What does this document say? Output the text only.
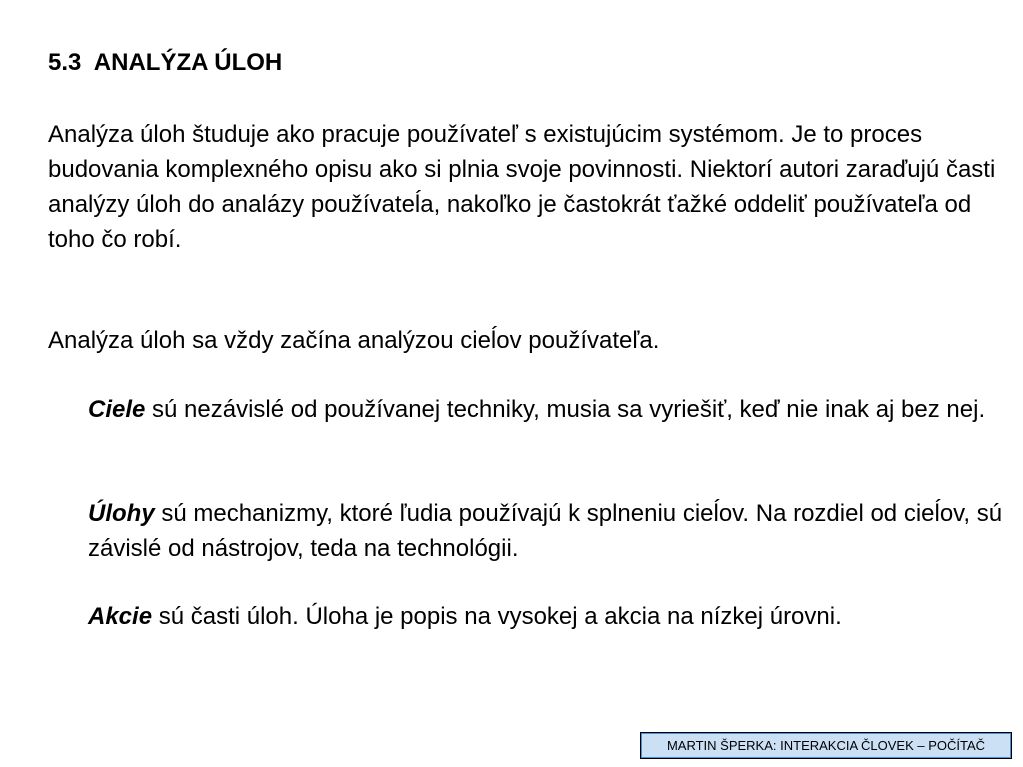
5.3  ANALÝZA ÚLOH
Analýza úloh študuje ako pracuje používateľ s existujúcim systémom. Je to proces budovania komplexného opisu ako si plnia svoje povinnosti. Niektorí autori zaraďujú časti analýzy úloh do analázy používateĺa, nakoľko je častokrát ťažké oddeliť používateľa od toho čo robí.
Analýza úloh sa vždy začína analýzou cieĺov používateľa.
Ciele sú nezávislé od používanej techniky, musia sa vyriešiť, keď nie inak aj bez nej.
Úlohy sú mechanizmy, ktoré ľudia používajú k splneniu cieĺov. Na rozdiel od cieĺov, sú závislé od nástrojov, teda na technológii.
Akcie sú časti úloh. Úloha je popis na vysokej a akcia na nízkej úrovni.
MARTIN ŠPERKA: INTERAKCIA ČLOVEK – POČÍTAČ
